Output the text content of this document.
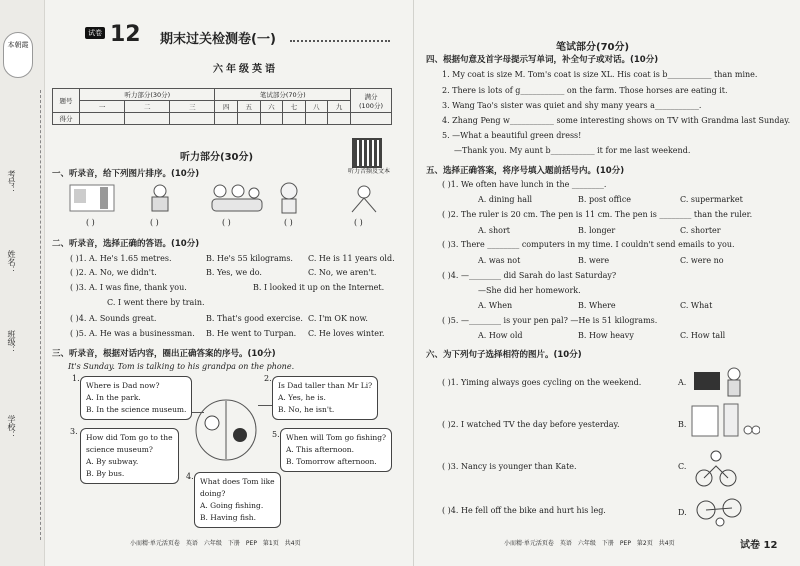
考号：
姓名：
班级：
学校：
本朝霞
试卷 12 期末过关检测卷(一)
六年级英语
题号	听力部分(30分)			笔试部分(70分)						满分
(100分)
	一	二	三	四	五	六	七	八	九	
得分										
听力部分(30分)
听力音频及文本
一、听录音，给下列图片排序。(10分)
( )	( )	( )	( )	( )
二、听录音，选择正确的答语。(10分)
( )1. A. He's 1.65 metres.	B. He's 55 kilograms. C. He is 11 years old.
( )2. A. No, we didn't.	B. Yes, we do.	C. No, we aren't.
( )3. A. I was fine, thank you.	B. I looked it up on the Internet.
C. I went there by train.
( )4. A. Sounds great.	B. That's good exercise. C. I'm OK now.
( )5. A. He was a businessman. B. He went to Turpan. C. He loves winter.
三、听录音，根据对话内容，圈出正确答案的序号。(10分)
It's Sunday. Tom is talking to his grandpa on the phone.
1.
Where is Dad now?
A. In the park.
B. In the science museum.
2.
Is Dad taller than Mr Li?
A. Yes, he is.
B. No, he isn't.
3.
How did Tom go to the
science museum?
A. By subway.
B. By bus.
5. When will Tom go fishing?
A. This afternoon.
B. Tomorrow afternoon.
4.
What does Tom like
doing?
A. Going fishing.
B. Having fish.
小而精·单元活页卷　英语　六年级　下册　PEP　第1页　共4页
笔试部分(70分)
四、根据句意及首字母提示写单词，补全句子或对话。(10分)
1. My coat is size M. Tom's coat is size XL. His coat is b___________ than mine.
2. There is lots of g___________ on the farm. Those horses are eating it.
3. Wang Tao's sister was quiet and shy many years a___________.
4. Zhang Peng w___________ some interesting shows on TV with Grandma last Sunday.
5. —What a beautiful green dress!
—Thank you. My aunt b___________ it for me last weekend.
五、选择正确答案，将序号填入题前括号内。(10分)
( )1. We often have lunch in the ________.
A. dining hall	B. post office	C. supermarket
( )2. The ruler is 20 cm. The pen is 11 cm. The pen is ________ than the ruler.
A. short	B. longer	C. shorter
( )3. There ________ computers in my time. I couldn't send emails to you.
A. was not	B. were	C. were no
( )4. —________ did Sarah do last Saturday?
—She did her homework.
A. When	B. Where	C. What
( )5. —________ is your pen pal? —He is 51 kilograms.
A. How old	B. How heavy	C. How tall
六、为下列句子选择相符的图片。(10分)
( )1. Yiming always goes cycling on the weekend.
( )2. I watched TV the day before yesterday.
( )3. Nancy is younger than Kate.
( )4. He fell off the bike and hurt his leg.
A.
B.
C.
D.
小而精·单元活页卷　英语　六年级　下册　PEP　第2页　共4页	试卷 12
